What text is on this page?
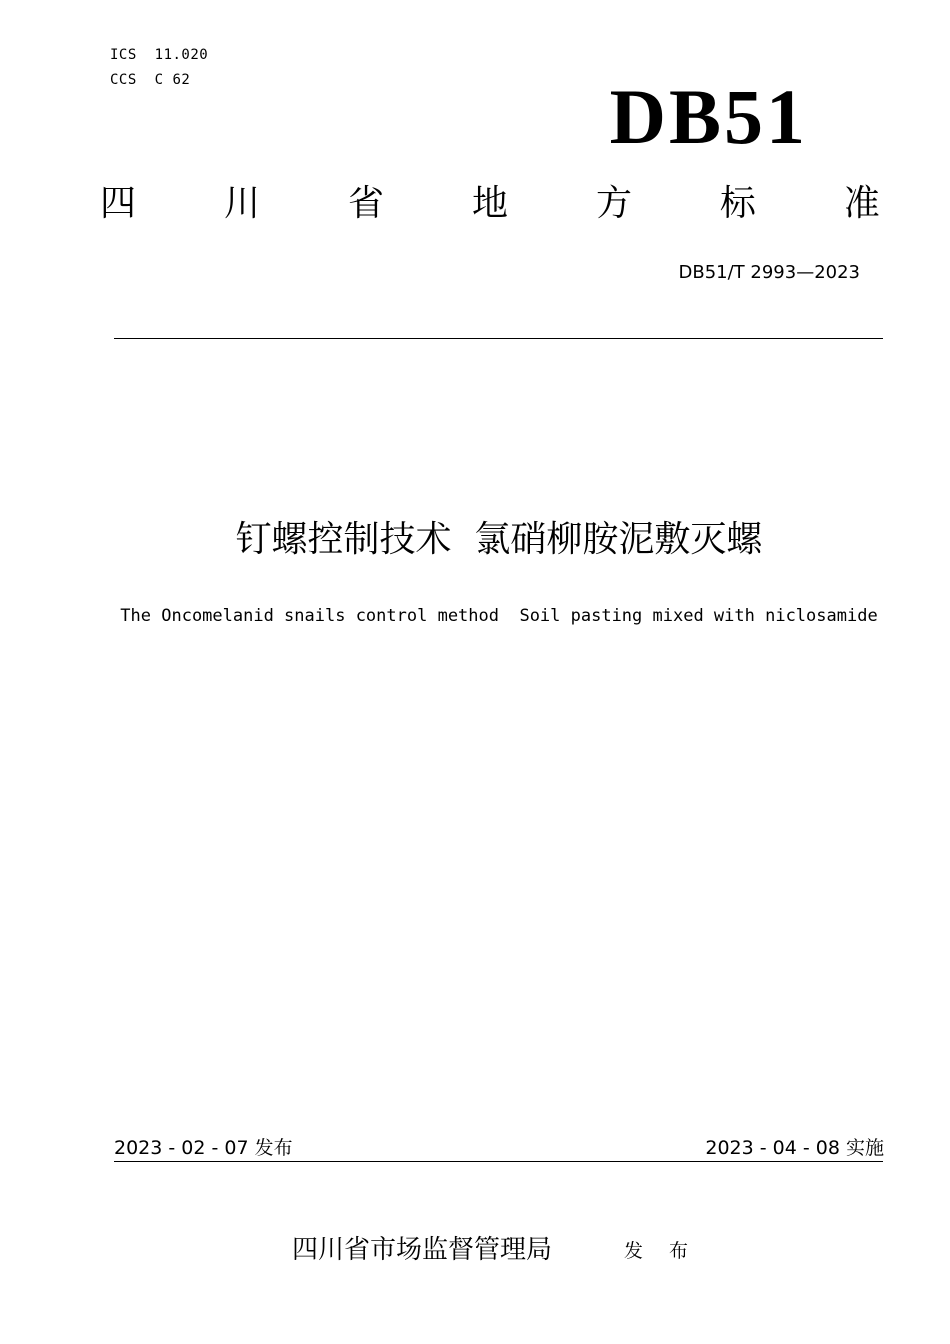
ICS  11.020
CCS  C 62	DB51
四 川 省 地 方 标 准
DB51/T 2993—2023
钉螺控制技术  氯硝柳胺泥敷灭螺
The Oncomelanid snails control method  Soil pasting mixed with niclosamide
2023 - 02 - 07 发布	2023 - 04 - 08 实施
四川省市场监督管理局	发 布
